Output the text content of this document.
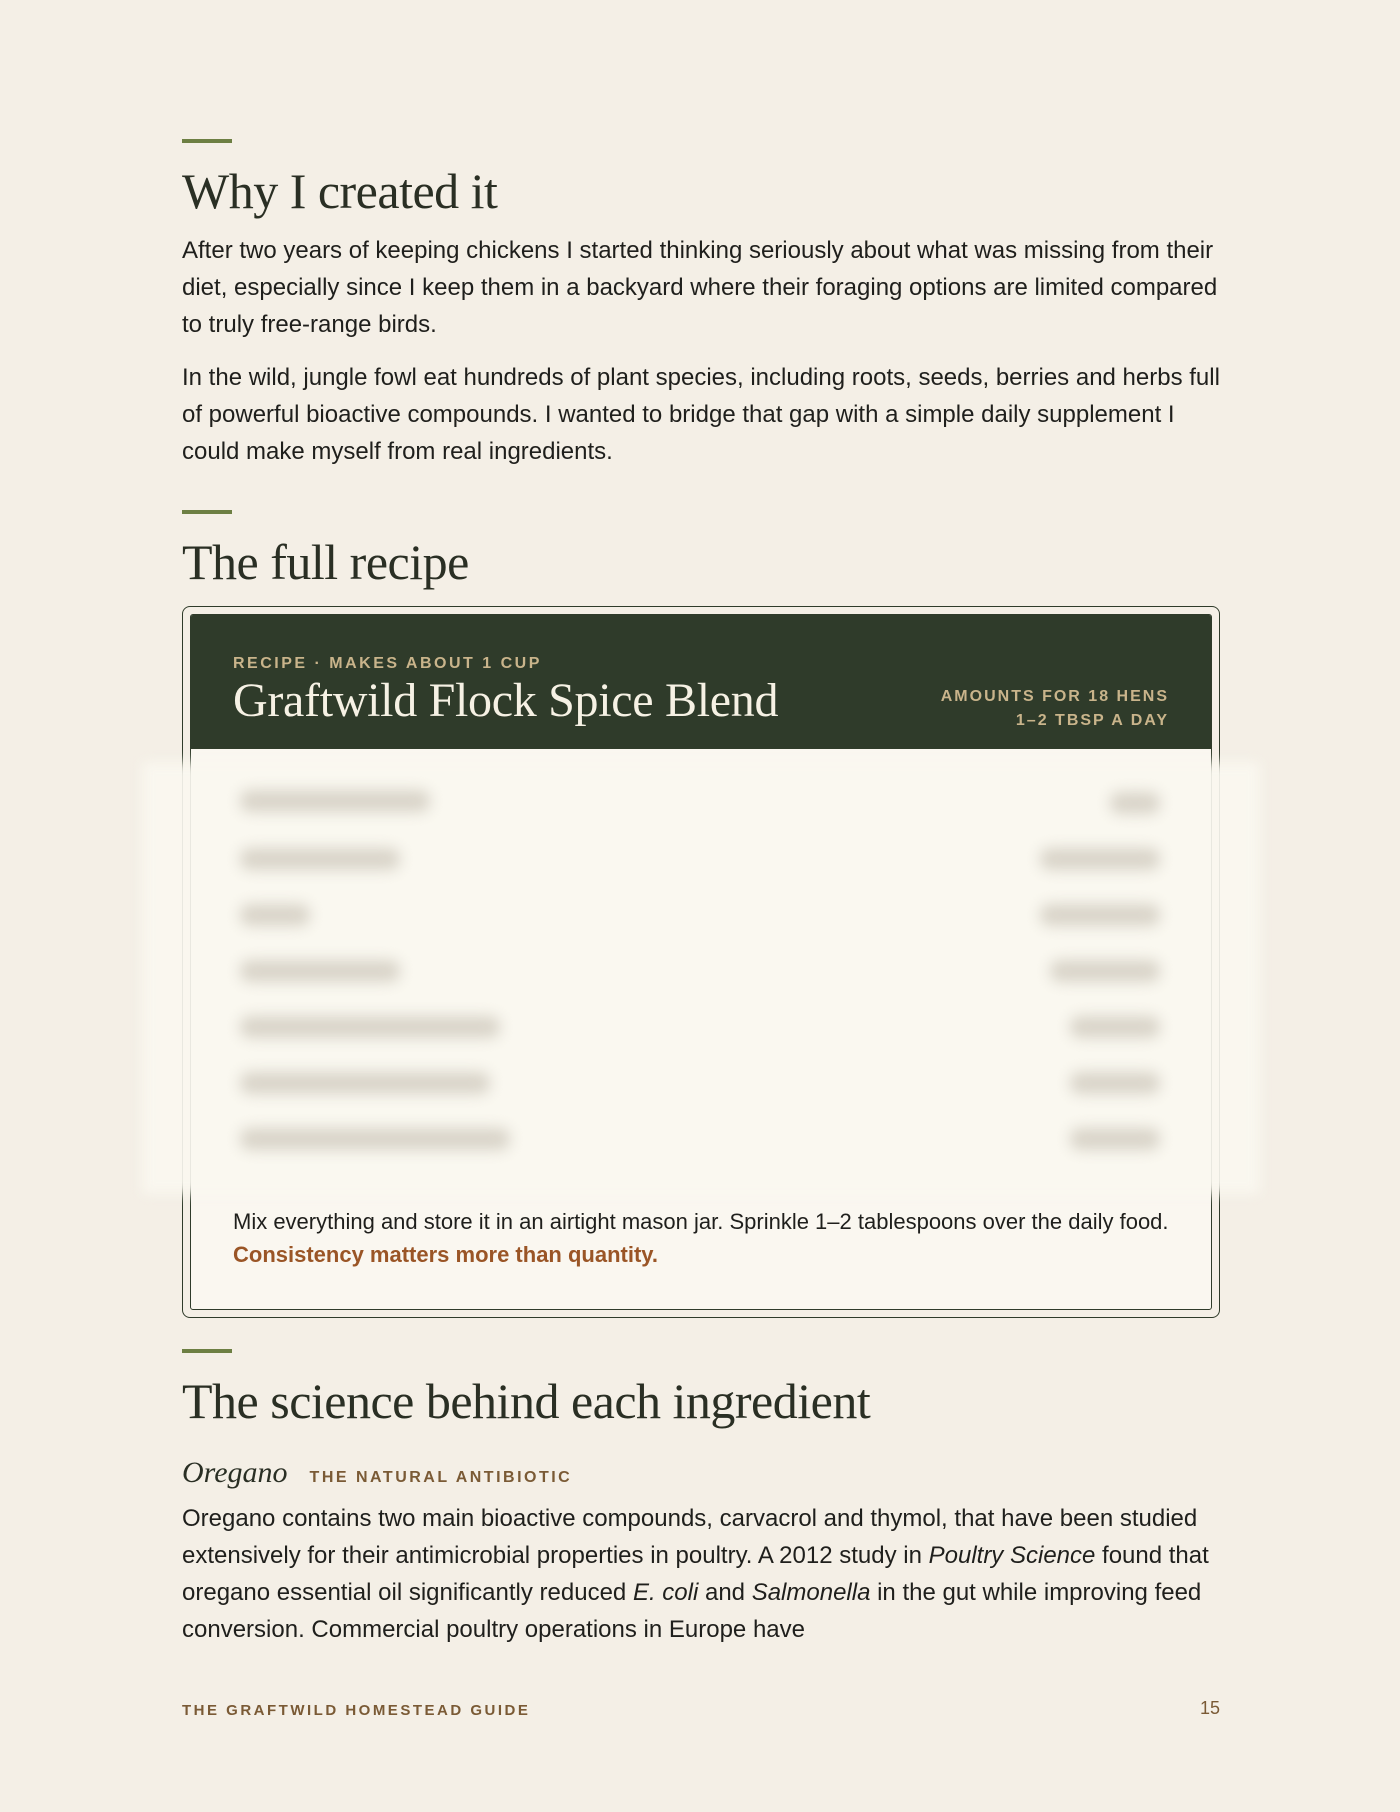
Why I created it

After two years of keeping chickens I started thinking seriously about what was missing from their diet, especially since I keep them in a backyard where their foraging options are limited compared to truly free-range birds.

In the wild, jungle fowl eat hundreds of plant species, including roots, seeds, berries and herbs full of powerful bioactive compounds. I wanted to bridge that gap with a simple daily supplement I could make myself from real ingredients.

The full recipe
RECIPE · MAKES ABOUT 1 CUP
Graftwild Flock Spice Blend	AMOUNTS FOR 18 HENS
1–2 TBSP A DAY

Mix everything and store it in an airtight mason jar. Sprinkle 1–2 tablespoons over the daily food. Consistency matters more than quantity.

The science behind each ingredient
Oregano THE NATURAL ANTIBIOTIC

Oregano contains two main bioactive compounds, carvacrol and thymol, that have been studied extensively for their antimicrobial properties in poultry. A 2012 study in Poultry Science found that oregano essential oil significantly reduced E. coli and Salmonella in the gut while improving feed conversion. Commercial poultry operations in Europe have

THE GRAFTWILD HOMESTEAD GUIDE	15
